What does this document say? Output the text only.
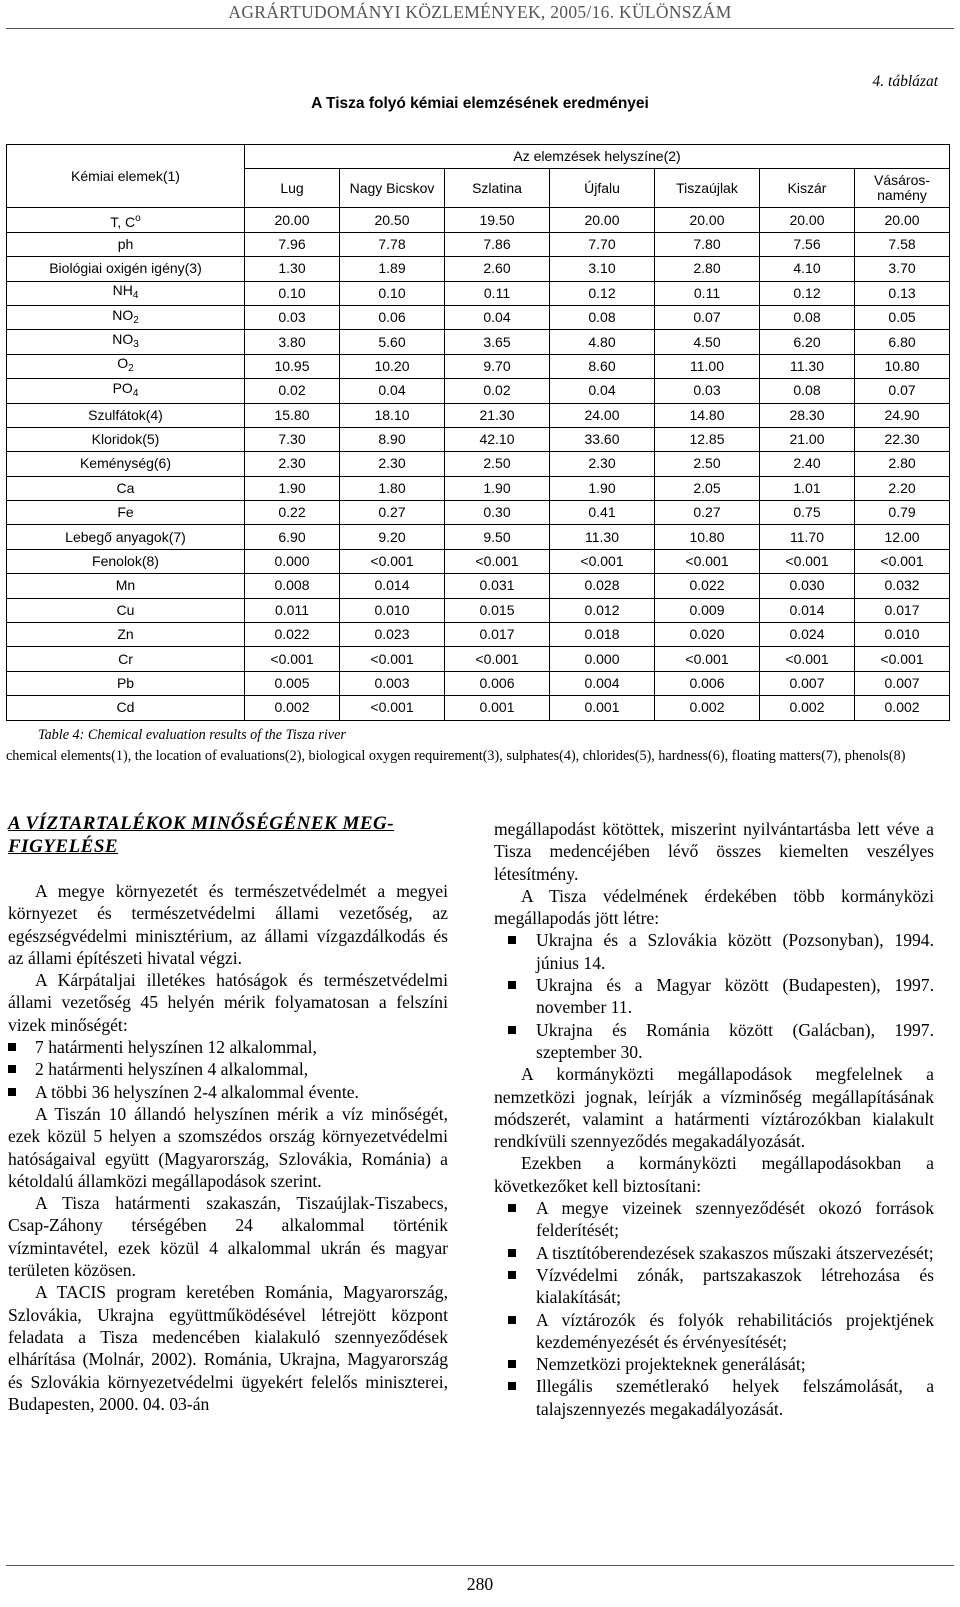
AGRÁRTUDOMÁNYI KÖZLEMÉNYEK, 2005/16. KÜLÖNSZÁM
4. táblázat
A Tisza folyó kémiai elemzésének eredményei
Kémiai elemek(1)	Az elemzések helyszíne(2)						
	Lug	Nagy Bicskov	Szlatina	Újfalu	Tiszaújlak	Kiszár	Vásáros-namény
T, $C^o$	20.00	20.50	19.50	20.00	20.00	20.00	20.00
ph	7.96	7.78	7.86	7.70	7.80	7.56	7.58
Biológiai oxigén igény(3)	1.30	1.89	2.60	3.10	2.80	4.10	3.70
$NH_4$	0.10	0.10	0.11	0.12	0.11	0.12	0.13
$NO_2$	0.03	0.06	0.04	0.08	0.07	0.08	0.05
$NO_3$	3.80	5.60	3.65	4.80	4.50	6.20	6.80
$O_2$	10.95	10.20	9.70	8.60	11.00	11.30	10.80
$PO_4$	0.02	0.04	0.02	0.04	0.03	0.08	0.07
Szulfátok(4)	15.80	18.10	21.30	24.00	14.80	28.30	24.90
Kloridok(5)	7.30	8.90	42.10	33.60	12.85	21.00	22.30
Keménység(6)	2.30	2.30	2.50	2.30	2.50	2.40	2.80
Ca	1.90	1.80	1.90	1.90	2.05	1.01	2.20
Fe	0.22	0.27	0.30	0.41	0.27	0.75	0.79
Lebegő anyagok(7)	6.90	9.20	9.50	11.30	10.80	11.70	12.00
Fenolok(8)	0.000	<0.001	<0.001	<0.001	<0.001	<0.001	<0.001
Mn	0.008	0.014	0.031	0.028	0.022	0.030	0.032
Cu	0.011	0.010	0.015	0.012	0.009	0.014	0.017
Zn	0.022	0.023	0.017	0.018	0.020	0.024	0.010
Cr	<0.001	<0.001	<0.001	0.000	<0.001	<0.001	<0.001
Pb	0.005	0.003	0.006	0.004	0.006	0.007	0.007
Cd	0.002	<0.001	0.001	0.001	0.002	0.002	0.002
Table 4: Chemical evaluation results of the Tisza river
chemical elements(1), the location of evaluations(2), biological oxygen requirement(3), sulphates(4), chlorides(5), hardness(6), floating matters(7), phenols(8)
A VÍZTARTALÉKOK MINŐSÉGÉNEK MEG-FIGYELÉSE

A megye környezetét és természetvédelmét a megyei környezet és természetvédelmi állami vezetőség, az egészségvédelmi minisztérium, az állami vízgazdálkodás és az állami építészeti hivatal végzi.

A Kárpátaljai illetékes hatóságok és természetvédelmi állami vezetőség 45 helyén mérik folyamatosan a felszíni vizek minőségét:

7 határmenti helyszínen 12 alkalommal,
2 határmenti helyszínen 4 alkalommal,
A többi 36 helyszínen 2-4 alkalommal évente.

A Tiszán 10 állandó helyszínen mérik a víz minőségét, ezek közül 5 helyen a szomszédos ország környezetvédelmi hatóságaival együtt (Magyarország, Szlovákia, Románia) a kétoldalú államközi megállapodások szerint.

A Tisza határmenti szakaszán, Tiszaújlak-Tiszabecs, Csap-Záhony térségében 24 alkalommal történik vízmintavétel, ezek közül 4 alkalommal ukrán és magyar területen közösen.

A TACIS program keretében Románia, Magyarország, Szlovákia, Ukrajna együttműködésével létrejött központ feladata a Tisza medencében kialakuló szennyeződések elhárítása (Molnár, 2002). Románia, Ukrajna, Magyarország és Szlovákia környezetvédelmi ügyekért felelős miniszterei, Budapesten, 2000. 04. 03-án

megállapodást kötöttek, miszerint nyilvántartásba lett véve a Tisza medencéjében lévő összes kiemelten veszélyes létesítmény.

A Tisza védelmének érdekében több kormányközi megállapodás jött létre:

Ukrajna és a Szlovákia között (Pozsonyban), 1994. június 14.
Ukrajna és a Magyar között (Budapesten), 1997. november 11.
Ukrajna és Románia között (Galácban), 1997. szeptember 30.

A kormányközti megállapodások megfelelnek a nemzetközi jognak, leírják a vízminőség megállapításának módszerét, valamint a határmenti víztározókban kialakult rendkívüli szennyeződés megakadályozását.

Ezekben a kormányközti megállapodásokban a következőket kell biztosítani:

A megye vizeinek szennyeződését okozó források felderítését;
A tisztítóberendezések szakaszos műszaki átszervezését;
Vízvédelmi zónák, partszakaszok létrehozása és kialakítását;
A víztározók és folyók rehabilitációs projektjének kezdeményezését és érvényesítését;
Nemzetközi projekteknek generálását;
Illegális szemétlerakó helyek felszámolását, a talajszennyezés megakadályozását.
280
